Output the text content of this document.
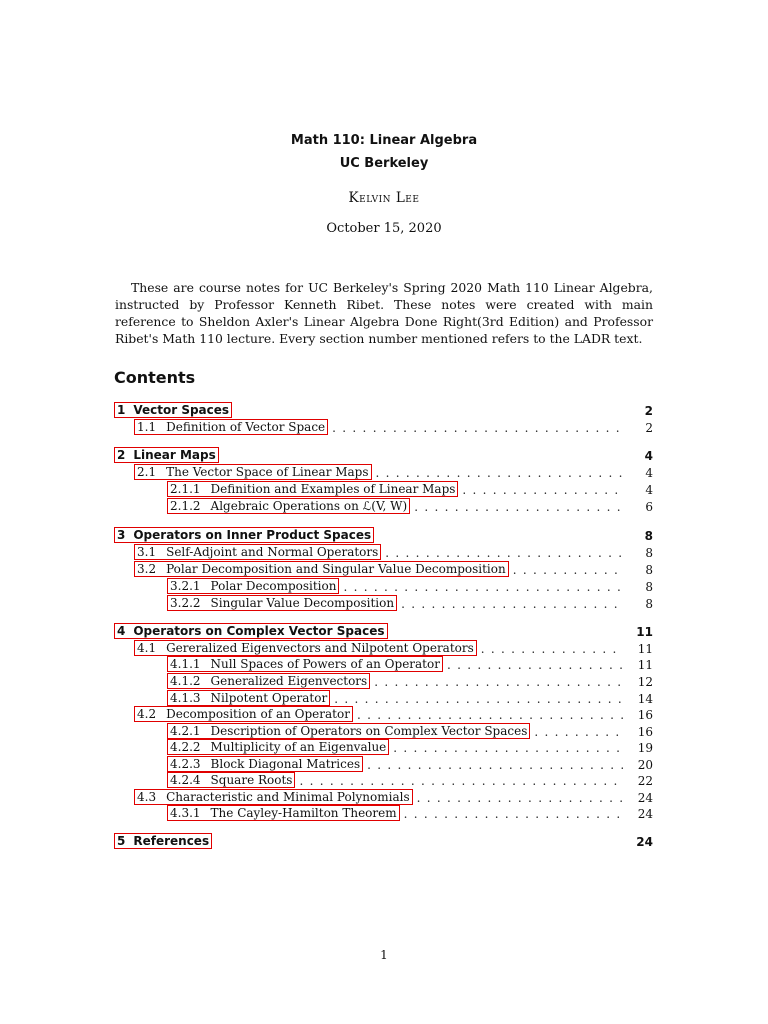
Math 110: Linear Algebra
UC Berkeley
Kelvin Lee
October 15, 2020

These are course notes for UC Berkeley's Spring 2020 Math 110 Linear Algebra, instructed by Professor Kenneth Ribet. These notes were created with main reference to Sheldon Axler's Linear Algebra Done Right(3rd Edition) and Professor Ribet's Math 110 lecture. Every section number mentioned refers to the LADR text.

Contents
1 Vector Spaces	2
1.1 Definition of Vector Space . . .	2
2 Linear Maps	4
2.1 The Vector Space of Linear Maps . . .	4
2.1.1 Definition and Examples of Linear Maps . . .	4
2.1.2 Algebraic Operations on ℒ(V, W) . . .	6
3 Operators on Inner Product Spaces	8
3.1 Self-Adjoint and Normal Operators . . .	8
3.2 Polar Decomposition and Singular Value Decomposition . . .	8
3.2.1 Polar Decomposition . . .	8
3.2.2 Singular Value Decomposition . . .	8
4 Operators on Complex Vector Spaces	11
4.1 Gereralized Eigenvectors and Nilpotent Operators . . .	11
4.1.1 Null Spaces of Powers of an Operator . . .	11
4.1.2 Generalized Eigenvectors . . .	12
4.1.3 Nilpotent Operator . . .	14
4.2 Decomposition of an Operator . . .	16
4.2.1 Description of Operators on Complex Vector Spaces . . .	16
4.2.2 Multiplicity of an Eigenvalue . . .	19
4.2.3 Block Diagonal Matrices . . .	20
4.2.4 Square Roots . . .	22
4.3 Characteristic and Minimal Polynomials . . .	24
4.3.1 The Cayley-Hamilton Theorem . . .	24
5 References	24
1
